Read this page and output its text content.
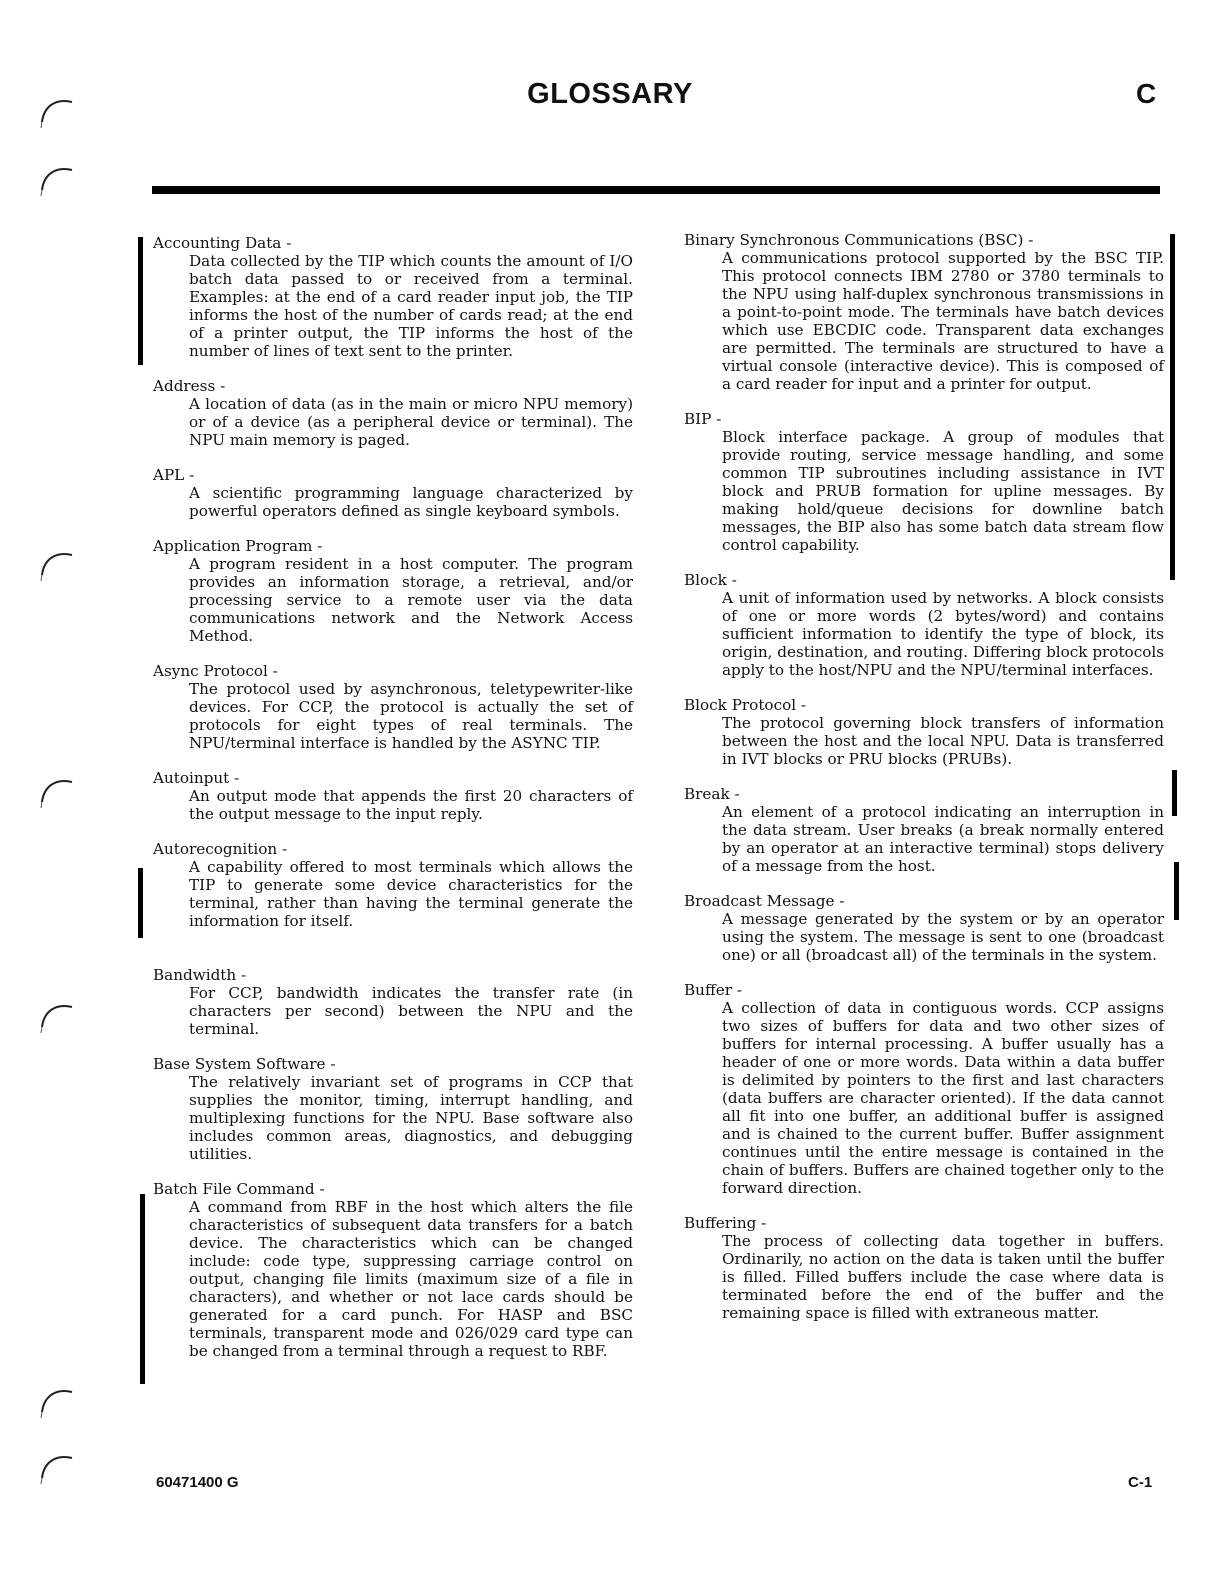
GLOSSARY	C
Accounting Data -
Data collected by the TIP which counts the amount of I/O batch data passed to or received from a terminal. Examples: at the end of a card reader input job, the TIP informs the host of the number of cards read; at the end of a printer output, the TIP informs the host of the number of lines of text sent to the printer.
Address -
A location of data (as in the main or micro NPU memory) or of a device (as a peripheral device or terminal). The NPU main memory is paged.
APL -
A scientific programming language characterized by powerful operators defined as single keyboard symbols.
Application Program -
A program resident in a host computer. The program provides an information storage, a retrieval, and/or processing service to a remote user via the data communications network and the Network Access Method.
Async Protocol -
The protocol used by asynchronous, teletypewriter-like devices. For CCP, the protocol is actually the set of protocols for eight types of real terminals. The NPU/terminal interface is handled by the ASYNC TIP.
Autoinput -
An output mode that appends the first 20 characters of the output message to the input reply.
Autorecognition -
A capability offered to most terminals which allows the TIP to generate some device characteristics for the terminal, rather than having the terminal generate the information for itself.
Bandwidth -
For CCP, bandwidth indicates the transfer rate (in characters per second) between the NPU and the terminal.
Base System Software -
The relatively invariant set of programs in CCP that supplies the monitor, timing, interrupt handling, and multiplexing functions for the NPU. Base software also includes common areas, diagnostics, and debugging utilities.
Batch File Command -
A command from RBF in the host which alters the file characteristics of subsequent data transfers for a batch device. The characteristics which can be changed include: code type, suppressing carriage control on output, changing file limits (maximum size of a file in characters), and whether or not lace cards should be generated for a card punch. For HASP and BSC terminals, transparent mode and 026/029 card type can be changed from a terminal through a request to RBF.
Binary Synchronous Communications (BSC) -
A communications protocol supported by the BSC TIP. This protocol connects IBM 2780 or 3780 terminals to the NPU using half-duplex synchronous transmissions in a point-to-point mode. The terminals have batch devices which use EBCDIC code. Transparent data exchanges are permitted. The terminals are structured to have a virtual console (interactive device). This is composed of a card reader for input and a printer for output.
BIP -
Block interface package. A group of modules that provide routing, service message handling, and some common TIP subroutines including assistance in IVT block and PRUB formation for upline messages. By making hold/queue decisions for downline batch messages, the BIP also has some batch data stream flow control capability.
Block -
A unit of information used by networks. A block consists of one or more words (2 bytes/word) and contains sufficient information to identify the type of block, its origin, destination, and routing. Differing block protocols apply to the host/NPU and the NPU/terminal interfaces.
Block Protocol -
The protocol governing block transfers of information between the host and the local NPU. Data is transferred in IVT blocks or PRU blocks (PRUBs).
Break -
An element of a protocol indicating an interruption in the data stream. User breaks (a break normally entered by an operator at an interactive terminal) stops delivery of a message from the host.
Broadcast Message -
A message generated by the system or by an operator using the system. The message is sent to one (broadcast one) or all (broadcast all) of the terminals in the system.
Buffer -
A collection of data in contiguous words. CCP assigns two sizes of buffers for data and two other sizes of buffers for internal processing. A buffer usually has a header of one or more words. Data within a data buffer is delimited by pointers to the first and last characters (data buffers are character oriented). If the data cannot all fit into one buffer, an additional buffer is assigned and is chained to the current buffer. Buffer assignment continues until the entire message is contained in the chain of buffers. Buffers are chained together only to the forward direction.
Buffering -
The process of collecting data together in buffers. Ordinarily, no action on the data is taken until the buffer is filled. Filled buffers include the case where data is terminated before the end of the buffer and the remaining space is filled with extraneous matter.
60471400 G	C-1
